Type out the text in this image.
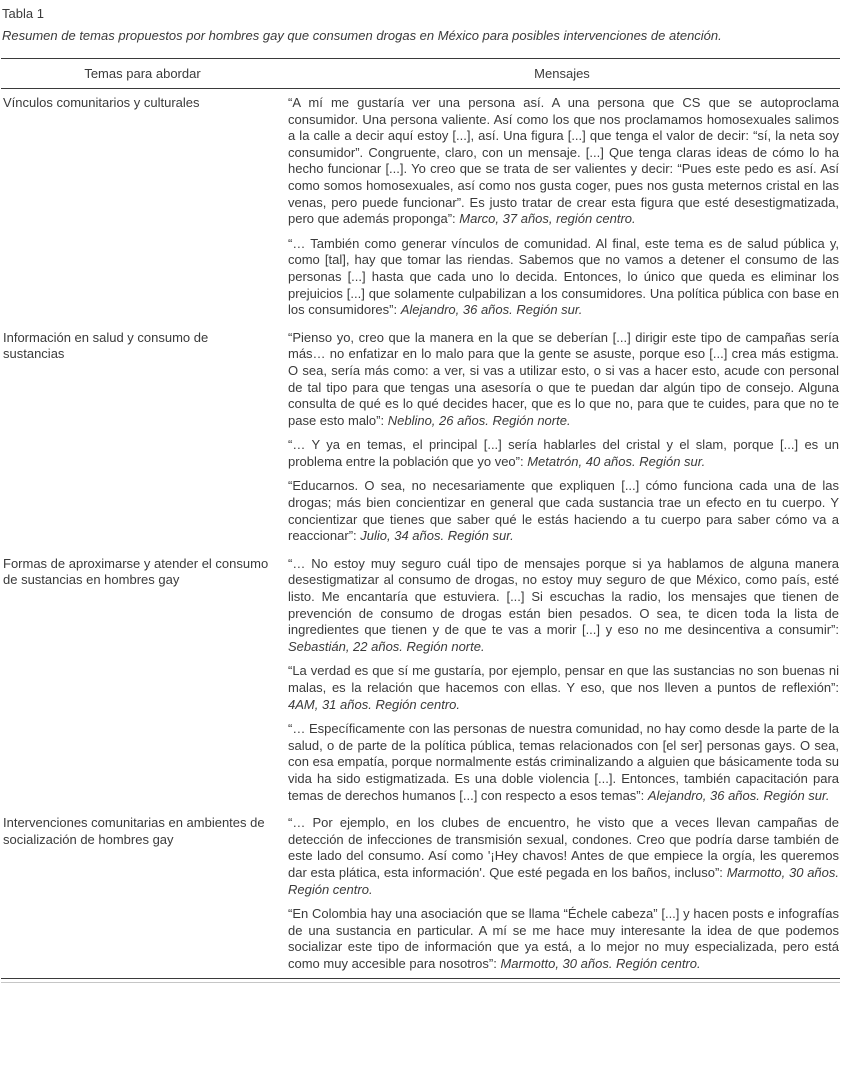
Tabla 1
Resumen de temas propuestos por hombres gay que consumen drogas en México para posibles intervenciones de atención.
Temas para abordar	Mensajes
Vínculos comunitarios y culturales	“A mí me gustaría ver una persona así. A una persona que CS que se autoproclama consumidor. Una persona valiente. Así como los que nos proclamamos homosexuales salimos a la calle a decir aquí estoy [...], así. Una figura [...] que tenga el valor de decir: “sí, la neta soy consumidor”. Congruente, claro, con un mensaje. [...] Que tenga claras ideas de cómo lo ha hecho funcionar [...]. Yo creo que se trata de ser valientes y decir: “Pues este pedo es así. Así como somos homosexuales, así como nos gusta coger, pues nos gusta meternos cristal en las venas, pero puede funcionar”. Es justo tratar de crear esta figura que esté desestigmatizada, pero que además proponga”: Marco, 37 años, región centro.

“… También como generar vínculos de comunidad. Al final, este tema es de salud pública y, como [tal], hay que tomar las riendas. Sabemos que no vamos a detener el consumo de las personas [...] hasta que cada uno lo decida. Entonces, lo único que queda es eliminar los prejuicios [...] que solamente culpabilizan a los consumidores. Una política pública con base en los consumidores”: Alejandro, 36 años. Región sur.

Información en salud y consumo de sustancias	“Pienso yo, creo que la manera en la que se deberían [...] dirigir este tipo de campañas sería más… no enfatizar en lo malo para que la gente se asuste, porque eso [...] crea más estigma. O sea, sería más como: a ver, si vas a utilizar esto, o si vas a hacer esto, acude con personal de tal tipo para que tengas una asesoría o que te puedan dar algún tipo de consejo. Alguna consulta de qué es lo qué decides hacer, que es lo que no, para que te cuides, para que no te pase esto malo”: Neblino, 26 años. Región norte.

“… Y ya en temas, el principal [...] sería hablarles del cristal y el slam, porque [...] es un problema entre la población que yo veo”: Metatrón, 40 años. Región sur.

“Educarnos. O sea, no necesariamente que expliquen [...] cómo funciona cada una de las drogas; más bien concientizar en general que cada sustancia trae un efecto en tu cuerpo. Y concientizar que tienes que saber qué le estás haciendo a tu cuerpo para saber cómo va a reaccionar”: Julio, 34 años. Región sur.

Formas de aproximarse y atender el consumo de sustancias en hombres gay	“… No estoy muy seguro cuál tipo de mensajes porque si ya hablamos de alguna manera desestigmatizar al consumo de drogas, no estoy muy seguro de que México, como país, esté listo. Me encantaría que estuviera. [...] Si escuchas la radio, los mensajes que tienen de prevención de consumo de drogas están bien pesados. O sea, te dicen toda la lista de ingredientes que tienen y de que te vas a morir [...] y eso no me desincentiva a consumir”: Sebastián, 22 años. Región norte.

“La verdad es que sí me gustaría, por ejemplo, pensar en que las sustancias no son buenas ni malas, es la relación que hacemos con ellas. Y eso, que nos lleven a puntos de reflexión”: 4AM, 31 años. Región centro.

“… Específicamente con las personas de nuestra comunidad, no hay como desde la parte de la salud, o de parte de la política pública, temas relacionados con [el ser] personas gays. O sea, con esa empatía, porque normalmente estás criminalizando a alguien que básicamente toda su vida ha sido estigmatizada. Es una doble violencia [...]. Entonces, también capacitación para temas de derechos humanos [...] con respecto a esos temas”: Alejandro, 36 años. Región sur.

Intervenciones comunitarias en ambientes de socialización de hombres gay	“… Por ejemplo, en los clubes de encuentro, he visto que a veces llevan campañas de detección de infecciones de transmisión sexual, condones. Creo que podría darse también de este lado del consumo. Así como '¡Hey chavos! Antes de que empiece la orgía, les queremos dar esta plática, esta información'. Que esté pegada en los baños, incluso”: Marmotto, 30 años. Región centro.

“En Colombia hay una asociación que se llama “Échele cabeza” [...] y hacen posts e infografías de una sustancia en particular. A mí se me hace muy interesante la idea de que podemos socializar este tipo de información que ya está, a lo mejor no muy especializada, pero está como muy accesible para nosotros”: Marmotto, 30 años. Región centro.
